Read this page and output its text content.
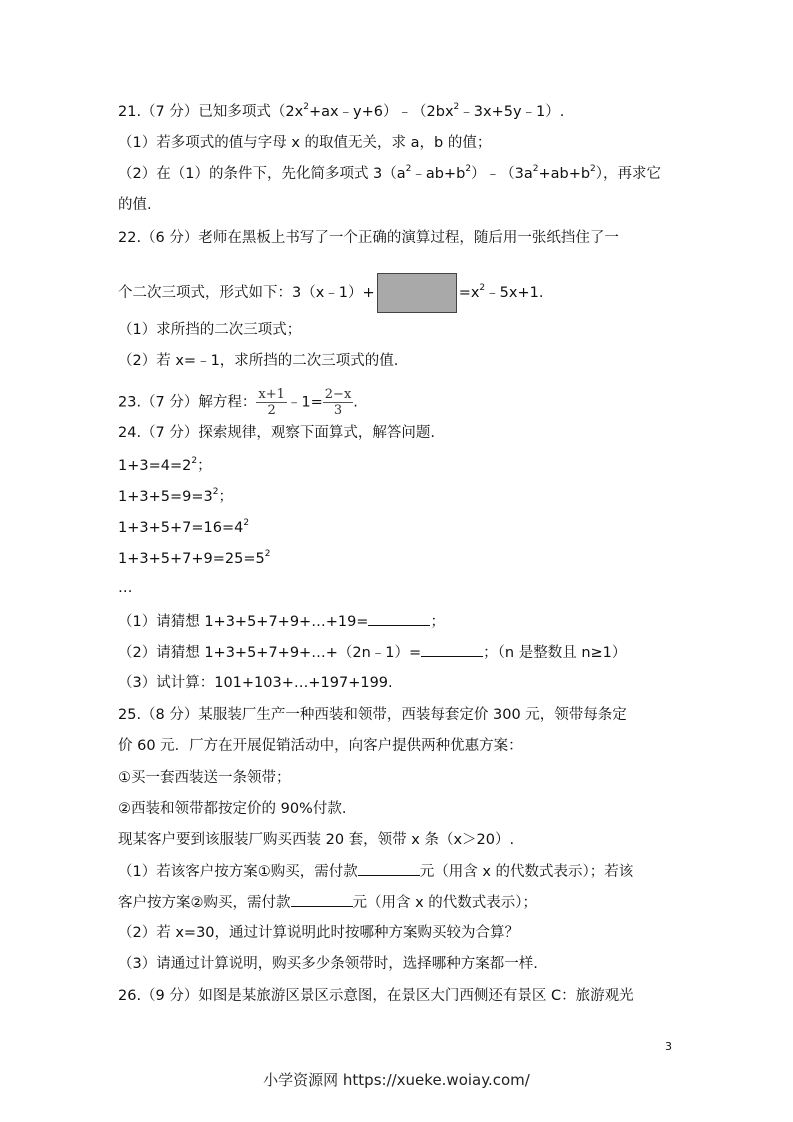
21.（7 分）已知多项式$(2x^2+ax﹣y+6)﹣(2bx^2﹣3x+5y﹣1)$.
（1）若多项式的值与字母 x 的取值无关，求 a，b 的值；
（2）在（1）的条件下，先化简多项式 $3(a^2﹣ab+b^2)﹣(3a^2+ab+b^2)$，再求它
的值.
22.（6 分）老师在黑板上书写了一个正确的演算过程，随后用一张纸挡住了一
个二次三项式，形式如下：3（x﹣1）+	$=x^2﹣5x+1$.
（1）求所挡的二次三项式；
（2）若 x=﹣1，求所挡的二次三项式的值.
23.（7 分）解方程： $\frac{x+1}{2}$ ﹣1= $\frac{2-x}{3}$ .
24.（7 分）探索规律，观察下面算式，解答问题.
$1+3=4=2^2$；
$1+3+5=9=3^2$；
$1+3+5+7=16=4^2$
$1+3+5+7+9=25=5^2$
…
（1）请猜想 1+3+5+7+9+…+19=	；
（2）请猜想 1+3+5+7+9+…+（2n﹣1）=	；（n 是整数且 n≥1）
（3）试计算：101+103+…+197+199.
25.（8 分）某服装厂生产一种西装和领带，西装每套定价 300 元，领带每条定
价 60 元．厂方在开展促销活动中，向客户提供两种优惠方案：
①买一套西装送一条领带；
②西装和领带都按定价的 90%付款.
现某客户要到该服装厂购买西装 20 套，领带 x 条（x＞20）.
（1）若该客户按方案①购买，需付款	元（用含 x 的代数式表示）；若该
客户按方案②购买，需付款	元（用含 x 的代数式表示）；
（2）若 x=30，通过计算说明此时按哪种方案购买较为合算？
（3）请通过计算说明，购买多少条领带时，选择哪种方案都一样.
26.（9 分）如图是某旅游区景区示意图，在景区大门西侧还有景区 C：旅游观光
3
小学资源网 https://xueke.woiay.com/
